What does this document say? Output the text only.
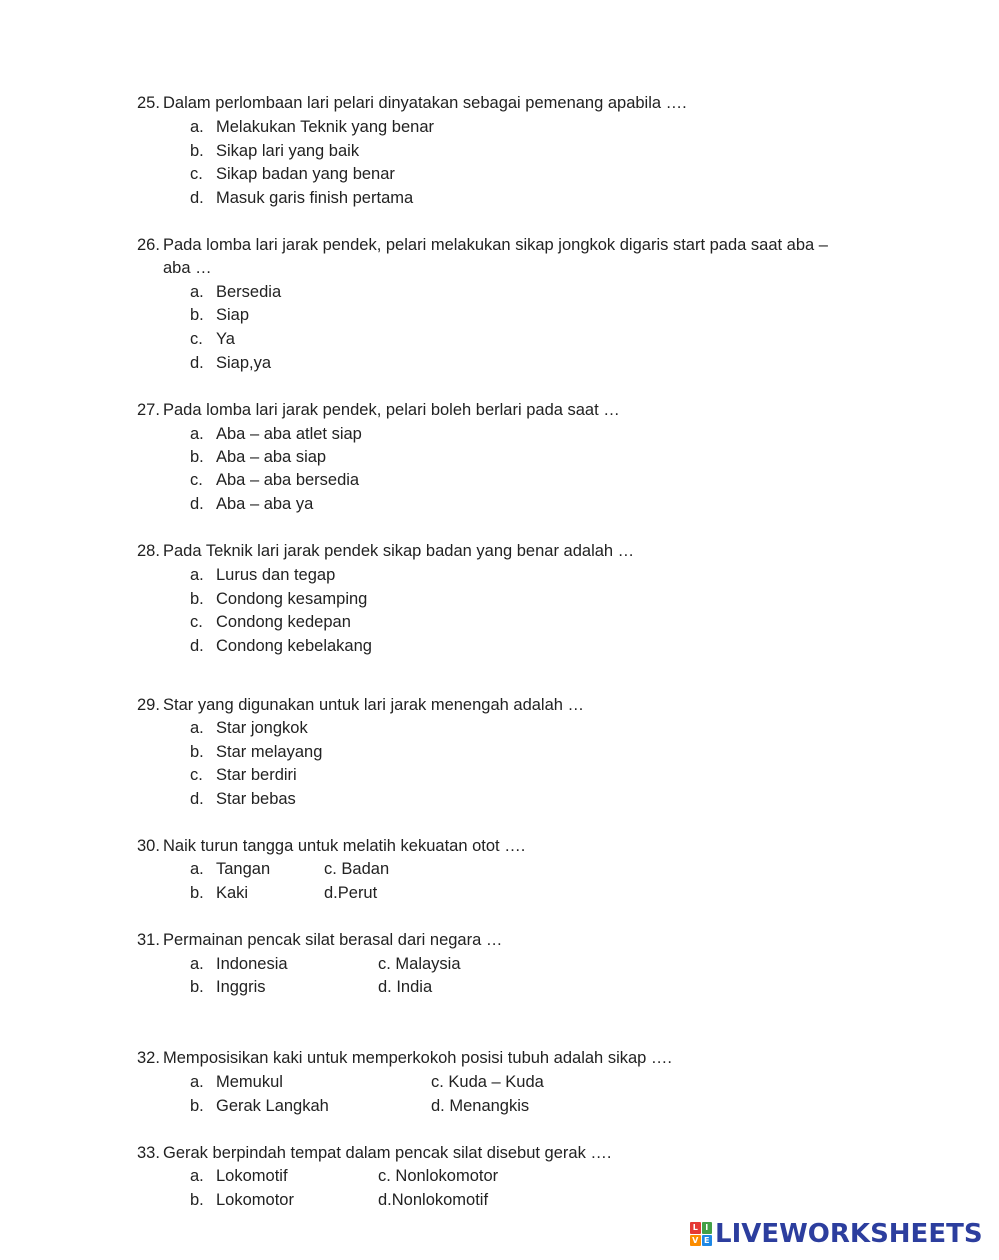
25. Dalam perlombaan lari pelari dinyatakan sebagai pemenang apabila ….
a. Melakukan Teknik yang benar
b. Sikap lari yang baik
c. Sikap badan yang benar
d. Masuk garis finish pertama
26. Pada lomba lari jarak pendek, pelari melakukan sikap jongkok digaris start pada saat aba –
aba …
a. Bersedia
b. Siap
c. Ya
d. Siap,ya
27. Pada lomba lari jarak pendek, pelari boleh berlari pada saat …
a. Aba – aba atlet siap
b. Aba – aba siap
c. Aba – aba bersedia
d. Aba – aba ya
28. Pada Teknik lari jarak pendek sikap badan yang benar adalah …
a. Lurus dan tegap
b. Condong kesamping
c. Condong kedepan
d. Condong kebelakang
29. Star yang digunakan untuk lari jarak menengah adalah …
a. Star jongkok
b. Star melayang
c. Star berdiri
d. Star bebas
30. Naik turun tangga untuk melatih kekuatan otot ….
a. Tangan	c. Badan
b. Kaki	d.Perut
31. Permainan pencak silat berasal dari negara …
a. Indonesia	c. Malaysia
b. Inggris	d. India
32. Memposisikan kaki untuk memperkokoh posisi tubuh adalah sikap ….
a. Memukul	c. Kuda – Kuda
b. Gerak Langkah	d. Menangkis
33. Gerak berpindah tempat dalam pencak silat disebut gerak ….
a. Lokomotif	c. Nonlokomotor
b. Lokomotor	d.Nonlokomotif
L I
V E LIVEWORKSHEETS
